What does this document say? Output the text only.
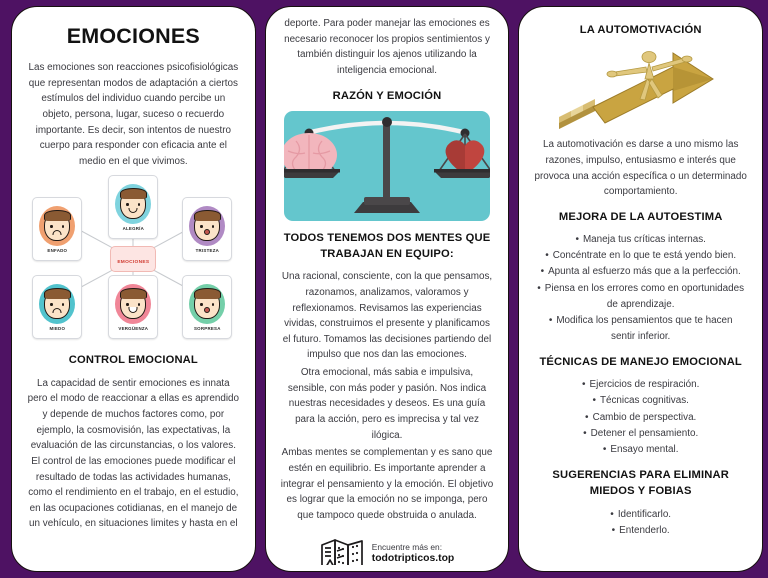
EMOCIONES

Las emociones son reacciones psicofisiológicas que representan modos de adaptación a ciertos estímulos del individuo cuando percibe un objeto, persona, lugar, suceso o recuerdo importante. Es decir, son intentos de nuestro cuerpo para responder con eficacia ante el medio en el que vivimos.

ALEGRÍA
ENFADO	TRISTEZA
MIEDO	VERGÜENZA	SORPRESA
EMOCIONES
CONTROL EMOCIONAL

La capacidad de sentir emociones es innata pero el modo de reaccionar a ellas es aprendido y depende de muchos factores como, por ejemplo, la cosmovisión, las expectativas, la evaluación de las circunstancias, o los valores. El control de las emociones puede modificar el resultado de todas las actividades humanas, como el rendimiento en el trabajo, en el estudio, en las ocupaciones cotidianas, en el manejo de un vehículo, en situaciones limites y hasta en el

deporte. Para poder manejar las emociones es necesario reconocer los propios sentimientos y también distinguir los ajenos utilizando la inteligencia emocional.

RAZÓN Y EMOCIÓN
TODOS TENEMOS DOS MENTES QUE TRABAJAN EN EQUIPO:

Una racional, consciente, con la que pensamos, razonamos, analizamos, valoramos y reflexionamos. Revisamos las experiencias vividas, construimos el presente y planificamos el futuro. Tomamos las decisiones partiendo del impulso que nos dan las emociones.

Otra emocional, más sabia e impulsiva, sensible, con más poder y pasión. Nos indica nuestras necesidades y deseos. Es una guía para la acción, pero es imprecisa y tal vez ilógica.

Ambas mentes se complementan y es sano que estén en equilibrio. Es importante aprender a integrar el pensamiento y la emoción. El objetivo es lograr que la emoción no se imponga, pero que tampoco quede obstruida o anulada.

Encuentre más en:
todotripticos.top
LA AUTOMOTIVACIÓN

La automotivación es darse a uno mismo las razones, impulso, entusiasmo e interés que provoca una acción específica o un determinado comportamiento.

MEJORA DE LA AUTOESTIMA
• Maneja tus críticas internas.
• Concéntrate en lo que te está yendo bien.
• Apunta al esfuerzo más que a la perfección.
• Piensa en los errores como en oportunidades de aprendizaje.
• Modifica los pensamientos que te hacen sentir inferior.
TÉCNICAS DE MANEJO EMOCIONAL
• Ejercicios de respiración.
• Técnicas cognitivas.
• Cambio de perspectiva.
• Detener el pensamiento.
• Ensayo mental.
SUGERENCIAS PARA ELIMINAR MIEDOS Y FOBIAS
• Identificarlo.
• Entenderlo.
